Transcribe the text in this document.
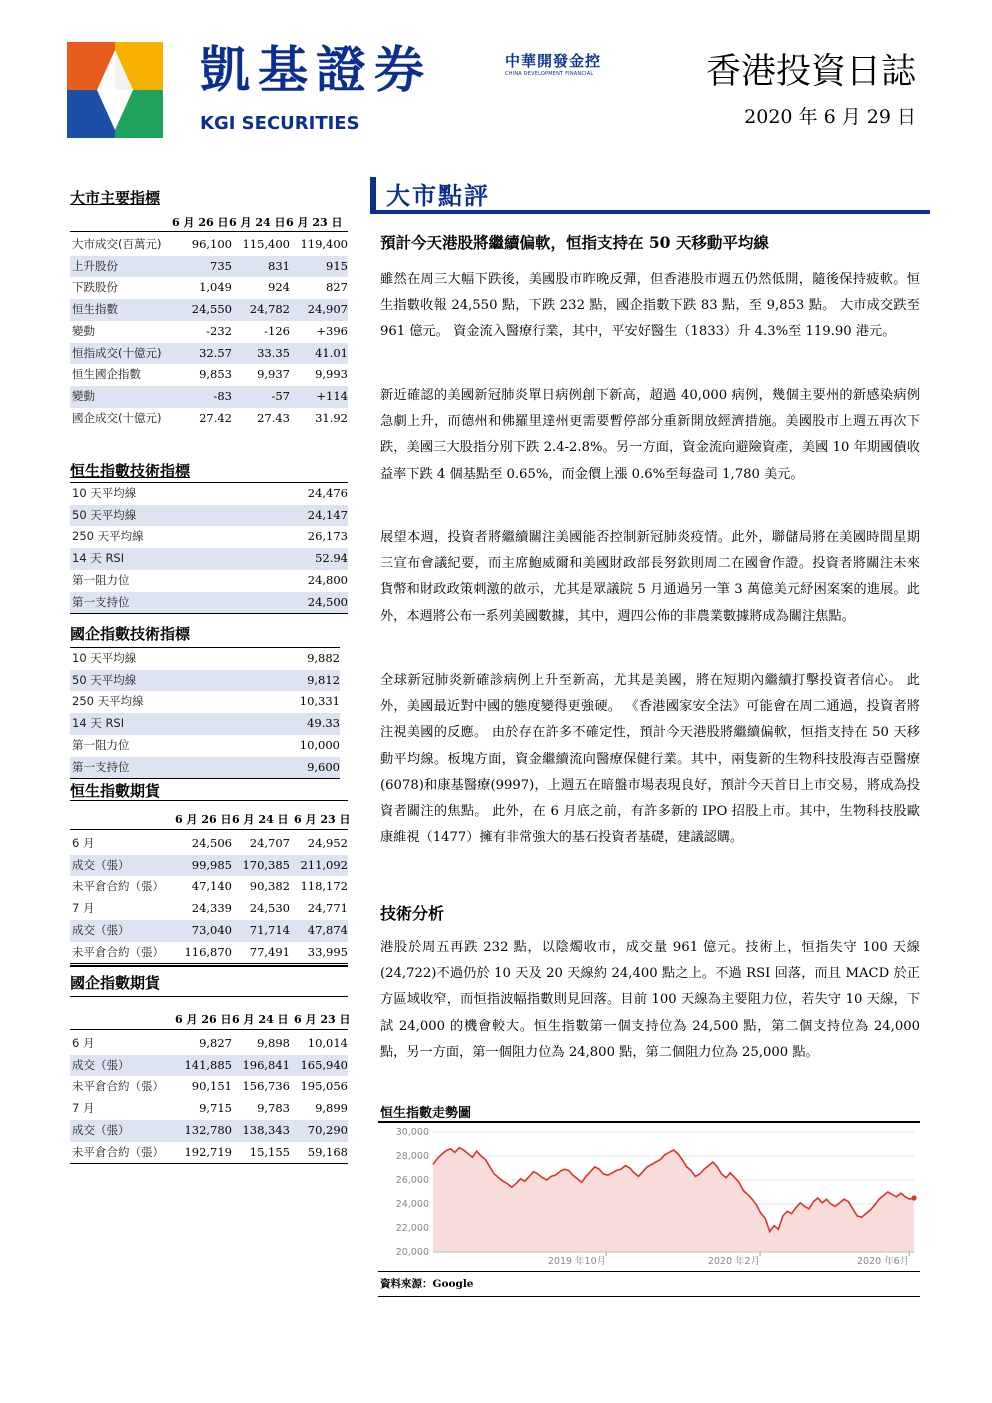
凱基證券
KGI SECURITIES
中華開發金控
CHINA DEVELOPMENT FINANCIAL	香港投資日誌
2020 年 6 月 29 日
大市主要指標
6 月 26 日 6 月 24 日 6 月 23 日
大市成交(百萬元)	96,100	115,400	119,400
上升股份	735	831	915
下跌股份	1,049	924	827
恒生指數	24,550	24,782	24,907
變動	-232	-126	+396
恒指成交(十億元)	32.57	33.35	41.01
恒生國企指數	9,853	9,937	9,993
變動	-83	-57	+114
國企成交(十億元)	27.42	27.43	31.92
恒生指數技術指標
10 天平均線	24,476
50 天平均線	24,147
250 天平均線	26,173
14 天 RSI	52.94
第一阻力位	24,800
第一支持位	24,500
國企指數技術指標
10 天平均線	9,882
50 天平均線	9,812
250 天平均線	10,331
14 天 RSI	49.33
第一阻力位	10,000
第一支持位	9,600
恒生指數期貨
6 月 26 日 6 月 24 日 6 月 23 日
6 月	24,506	24,707	24,952
成交（張）	99,985	170,385	211,092
未平倉合約（張）	47,140	90,382	118,172
7 月	24,339	24,530	24,771
成交（張）	73,040	71,714	47,874
未平倉合約（張）	116,870	77,491	33,995
國企指數期貨
6 月 26 日 6 月 24 日 6 月 23 日
6 月	9,827	9,898	10,014
成交（張）	141,885	196,841	165,940
未平倉合約（張）	90,151	156,736	195,056
7 月	9,715	9,783	9,899
成交（張）	132,780	138,343	70,290
未平倉合約（張）	192,719	15,155	59,168
大市點評
預計今天港股將繼續偏軟，恒指支持在 50 天移動平均線
雖然在周三大幅下跌後，美國股市昨晚反彈，但香港股市週五仍然低開，隨後保持疲軟。恒生指數收報 24,550 點，下跌 232 點，國企指數下跌 83 點，至 9,853 點。 大市成交跌至 961 億元。 資金流入醫療行業，其中，平安好醫生（1833）升 4.3%至 119.90 港元。
新近確認的美國新冠肺炎單日病例創下新高，超過 40,000 病例，幾個主要州的新感染病例急劇上升，而德州和佛羅里達州更需要暫停部分重新開放經濟措施。美國股市上週五再次下跌，美國三大股指分別下跌 2.4-2.8%。另一方面，資金流向避險資產，美國 10 年期國債收益率下跌 4 個基點至 0.65%，而金價上漲 0.6%至每盎司 1,780 美元。
展望本週，投資者將繼續關注美國能否控制新冠肺炎疫情。此外，聯儲局將在美國時間星期三宣布會議紀要，而主席鮑威爾和美國財政部長努欽則周二在國會作證。投資者將關注未來貨幣和財政政策刺激的啟示，尤其是眾議院 5 月通過另一筆 3 萬億美元紓困案案的進展。此外，本週將公布一系列美國數據，其中，週四公佈的非農業數據將成為關注焦點。
全球新冠肺炎新確診病例上升至新高，尤其是美國，將在短期內繼續打擊投資者信心。 此外，美國最近對中國的態度變得更強硬。 《香港國家安全法》可能會在周二通過，投資者將注視美國的反應。 由於存在許多不確定性，預計今天港股將繼續偏軟，恒指支持在 50 天移動平均線。板塊方面，資金繼續流向醫療保健行業。其中，兩隻新的生物科技股海吉亞醫療(6078)和康基醫療(9997)，上週五在暗盤市場表現良好，預計今天首日上市交易，將成為投資者關注的焦點。 此外，在 6 月底之前，有許多新的 IPO 招股上市。其中，生物科技股歐康維視（1477）擁有非常強大的基石投資者基礎，建議認購。
技術分析
港股於周五再跌 232 點，以陰燭收市，成交量 961 億元。技術上，恒指失守 100 天線(24,722)不過仍於 10 天及 20 天線約 24,400 點之上。不過 RSI 回落，而且 MACD 於正方區域收窄，而恒指波幅指數則見回落。目前 100 天線為主要阻力位，若失守 10 天線，下試 24,000 的機會較大。恒生指數第一個支持位為 24,500 點，第二個支持位為 24,000 點，另一方面，第一個阻力位為 24,800 點，第二個阻力位為 25,000 點。
恒生指數走勢圖
30,000
28,000
26,000
24,000
22,000
20,000
2019 年10月	2020 年2月	2020 年6月
資料來源：Google
